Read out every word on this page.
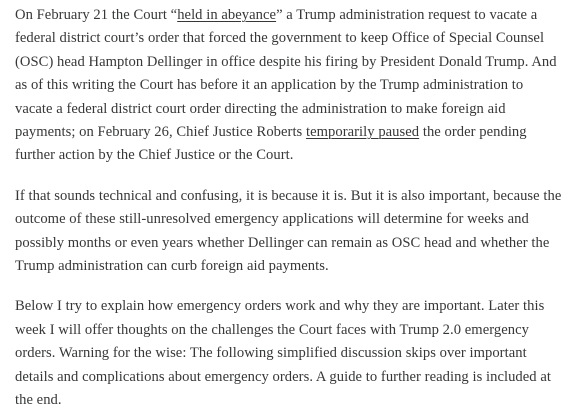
On February 21 the Court “held in abeyance” a Trump administration request to vacate a federal district court’s order that forced the government to keep Office of Special Counsel (OSC) head Hampton Dellinger in office despite his firing by President Donald Trump. And as of this writing the Court has before it an application by the Trump administration to vacate a federal district court order directing the administration to make foreign aid payments; on February 26, Chief Justice Roberts temporarily paused the order pending further action by the Chief Justice or the Court.

If that sounds technical and confusing, it is because it is. But it is also important, because the outcome of these still-unresolved emergency applications will determine for weeks and possibly months or even years whether Dellinger can remain as OSC head and whether the Trump administration can curb foreign aid payments.

Below I try to explain how emergency orders work and why they are important. Later this week I will offer thoughts on the challenges the Court faces with Trump 2.0 emergency orders. Warning for the wise: The following simplified discussion skips over important details and complications about emergency orders. A guide to further reading is included at the end.
